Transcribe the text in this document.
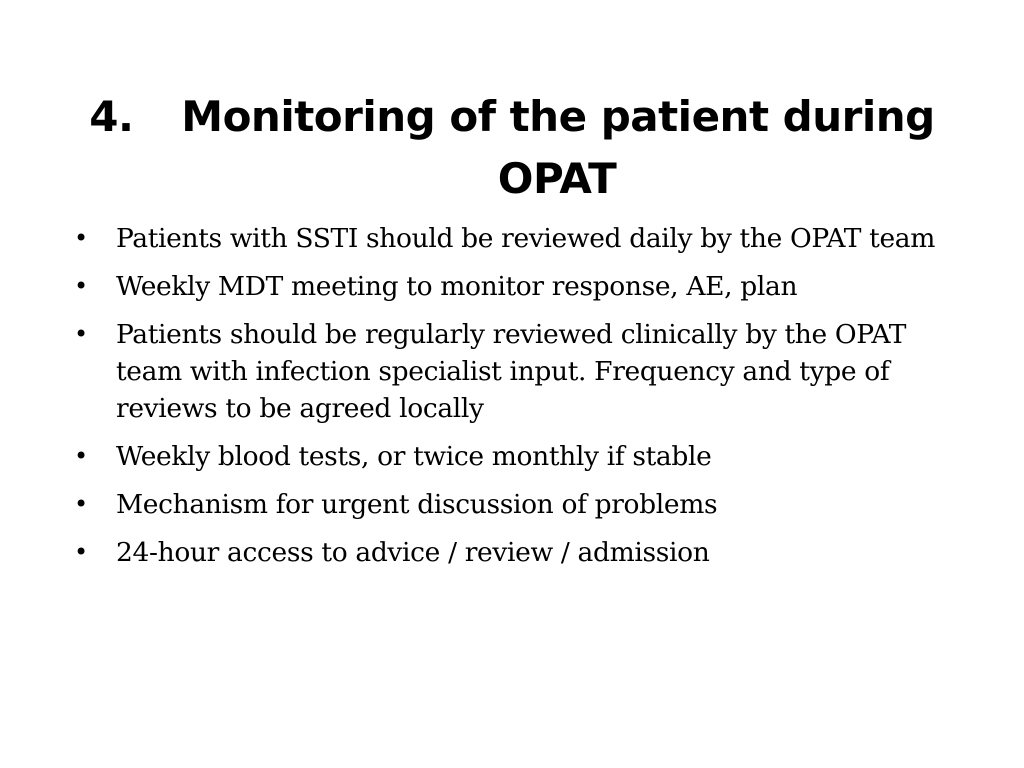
4. Monitoring of the patient during
OPAT
• Patients with SSTI should be reviewed daily by the OPAT team
• Weekly MDT meeting to monitor response, AE, plan
• Patients should be regularly reviewed clinically by the OPAT team with infection specialist input. Frequency and type of reviews to be agreed locally
• Weekly blood tests, or twice monthly if stable
• Mechanism for urgent discussion of problems
• 24-hour access to advice / review / admission
